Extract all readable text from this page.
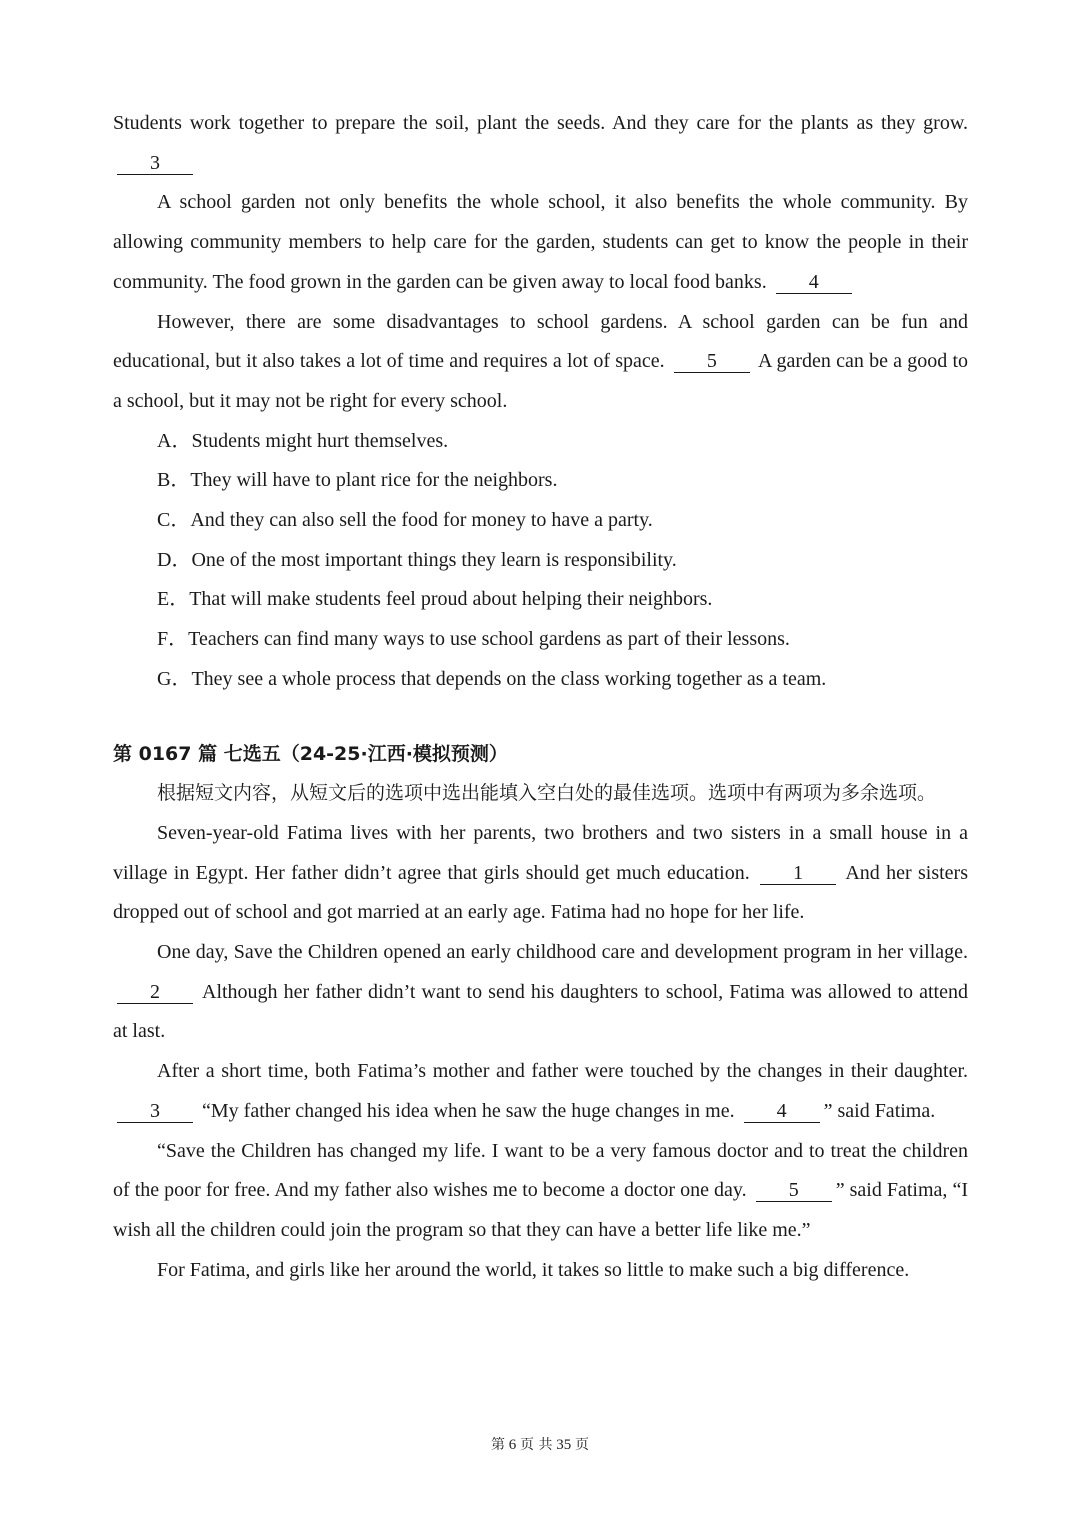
Students work together to prepare the soil, plant the seeds. And they care for the plants as they grow. 3

A school garden not only benefits the whole school, it also benefits the whole community. By allowing community members to help care for the garden, students can get to know the people in their community. The food grown in the garden can be given away to local food banks. 4

However, there are some disadvantages to school gardens. A school garden can be fun and educational, but it also takes a lot of time and requires a lot of space. 5 A garden can be a good to a school, but it may not be right for every school.

A．Students might hurt themselves.

B．They will have to plant rice for the neighbors.

C．And they can also sell the food for money to have a party.

D．One of the most important things they learn is responsibility.

E．That will make students feel proud about helping their neighbors.

F．Teachers can find many ways to use school gardens as part of their lessons.

G．They see a whole process that depends on the class working together as a team.

第 0167 篇 七选五（24-25·江西·模拟预测）

根据短文内容，从短文后的选项中选出能填入空白处的最佳选项。选项中有两项为多余选项。

Seven-year-old Fatima lives with her parents, two brothers and two sisters in a small house in a village in Egypt. Her father didn’t agree that girls should get much education. 1 And her sisters dropped out of school and got married at an early age. Fatima had no hope for her life.

One day, Save the Children opened an early childhood care and development program in her village. 2 Although her father didn’t want to send his daughters to school, Fatima was allowed to attend at last.

After a short time, both Fatima’s mother and father were touched by the changes in their daughter. 3 “My father changed his idea when he saw the huge changes in me. 4 ” said Fatima.

“Save the Children has changed my life. I want to be a very famous doctor and to treat the children of the poor for free. And my father also wishes me to become a doctor one day. 5 ” said Fatima, “I wish all the children could join the program so that they can have a better life like me.”

For Fatima, and girls like her around the world, it takes so little to make such a big difference.

第 6 页 共 35 页
